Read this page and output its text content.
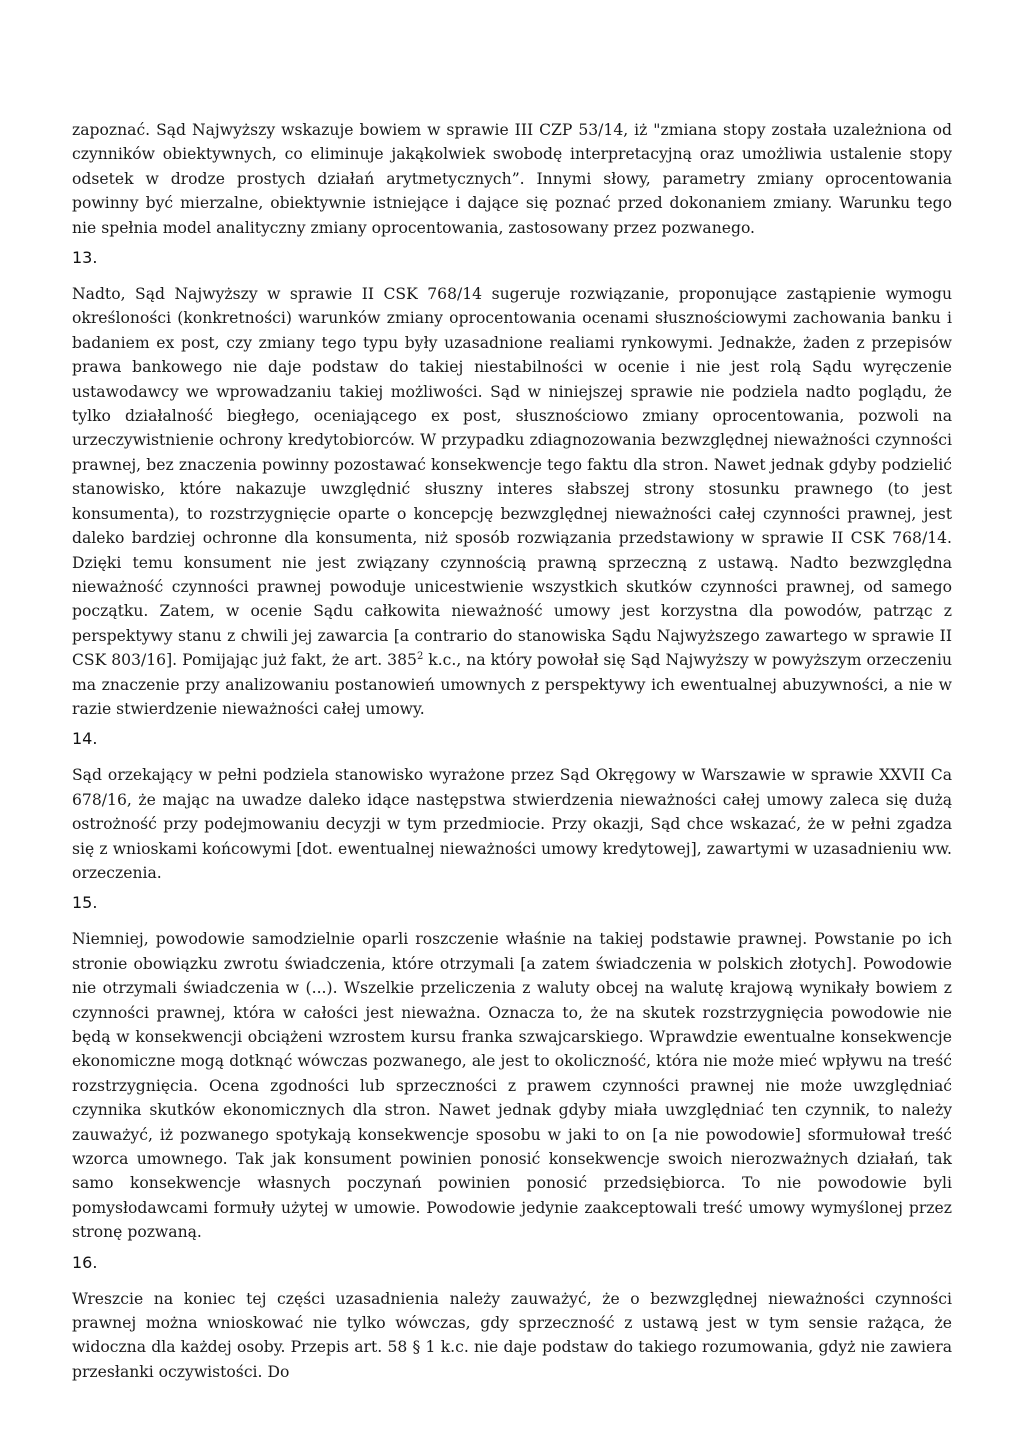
zapoznać. Sąd Najwyższy wskazuje bowiem w sprawie III CZP 53/14, iż "zmiana stopy została uzależniona od czynników obiektywnych, co eliminuje jakąkolwiek swobodę interpretacyjną oraz umożliwia ustalenie stopy odsetek w drodze prostych działań arytmetycznych”. Innymi słowy, parametry zmiany oprocentowania powinny być mierzalne, obiektywnie istniejące i dające się poznać przed dokonaniem zmiany. Warunku tego nie spełnia model analityczny zmiany oprocentowania, zastosowany przez pozwanego.

13.

Nadto, Sąd Najwyższy w sprawie II CSK 768/14 sugeruje rozwiązanie, proponujące zastąpienie wymogu określoności (konkretności) warunków zmiany oprocentowania ocenami słusznościowymi zachowania banku i badaniem ex post, czy zmiany tego typu były uzasadnione realiami rynkowymi. Jednakże, żaden z przepisów prawa bankowego nie daje podstaw do takiej niestabilności w ocenie i nie jest rolą Sądu wyręczenie ustawodawcy we wprowadzaniu takiej możliwości. Sąd w niniejszej sprawie nie podziela nadto poglądu, że tylko działalność biegłego, oceniającego ex post, słusznościowo zmiany oprocentowania, pozwoli na urzeczywistnienie ochrony kredytobiorców. W przypadku zdiagnozowania bezwzględnej nieważności czynności prawnej, bez znaczenia powinny pozostawać konsekwencje tego faktu dla stron. Nawet jednak gdyby podzielić stanowisko, które nakazuje uwzględnić słuszny interes słabszej strony stosunku prawnego (to jest konsumenta), to rozstrzygnięcie oparte o koncepcję bezwzględnej nieważności całej czynności prawnej, jest daleko bardziej ochronne dla konsumenta, niż sposób rozwiązania przedstawiony w sprawie II CSK 768/14. Dzięki temu konsument nie jest związany czynnością prawną sprzeczną z ustawą. Nadto bezwzględna nieważność czynności prawnej powoduje unicestwienie wszystkich skutków czynności prawnej, od samego początku. Zatem, w ocenie Sądu całkowita nieważność umowy jest korzystna dla powodów, patrząc z perspektywy stanu z chwili jej zawarcia [a contrario do stanowiska Sądu Najwyższego zawartego w sprawie II CSK 803/16]. Pomijając już fakt, że art. $385^2$ k.c., na który powołał się Sąd Najwyższy w powyższym orzeczeniu ma znaczenie przy analizowaniu postanowień umownych z perspektywy ich ewentualnej abuzywności, a nie w razie stwierdzenie nieważności całej umowy.

14.

Sąd orzekający w pełni podziela stanowisko wyrażone przez Sąd Okręgowy w Warszawie w sprawie XXVII Ca 678/16, że mając na uwadze daleko idące następstwa stwierdzenia nieważności całej umowy zaleca się dużą ostrożność przy podejmowaniu decyzji w tym przedmiocie. Przy okazji, Sąd chce wskazać, że w pełni zgadza się z wnioskami końcowymi [dot. ewentualnej nieważności umowy kredytowej], zawartymi w uzasadnieniu ww. orzeczenia.

15.

Niemniej, powodowie samodzielnie oparli roszczenie właśnie na takiej podstawie prawnej. Powstanie po ich stronie obowiązku zwrotu świadczenia, które otrzymali [a zatem świadczenia w polskich złotych]. Powodowie nie otrzymali świadczenia w (...). Wszelkie przeliczenia z waluty obcej na walutę krajową wynikały bowiem z czynności prawnej, która w całości jest nieważna. Oznacza to, że na skutek rozstrzygnięcia powodowie nie będą w konsekwencji obciążeni wzrostem kursu franka szwajcarskiego. Wprawdzie ewentualne konsekwencje ekonomiczne mogą dotknąć wówczas pozwanego, ale jest to okoliczność, która nie może mieć wpływu na treść rozstrzygnięcia. Ocena zgodności lub sprzeczności z prawem czynności prawnej nie może uwzględniać czynnika skutków ekonomicznych dla stron. Nawet jednak gdyby miała uwzględniać ten czynnik, to należy zauważyć, iż pozwanego spotykają konsekwencje sposobu w jaki to on [a nie powodowie] sformułował treść wzorca umownego. Tak jak konsument powinien ponosić konsekwencje swoich nierozważnych działań, tak samo konsekwencje własnych poczynań powinien ponosić przedsiębiorca. To nie powodowie byli pomysłodawcami formuły użytej w umowie. Powodowie jedynie zaakceptowali treść umowy wymyślonej przez stronę pozwaną.

16.

Wreszcie na koniec tej części uzasadnienia należy zauważyć, że o bezwzględnej nieważności czynności prawnej można wnioskować nie tylko wówczas, gdy sprzeczność z ustawą jest w tym sensie rażąca, że widoczna dla każdej osoby. Przepis art. 58 § 1 k.c. nie daje podstaw do takiego rozumowania, gdyż nie zawiera przesłanki oczywistości. Do
